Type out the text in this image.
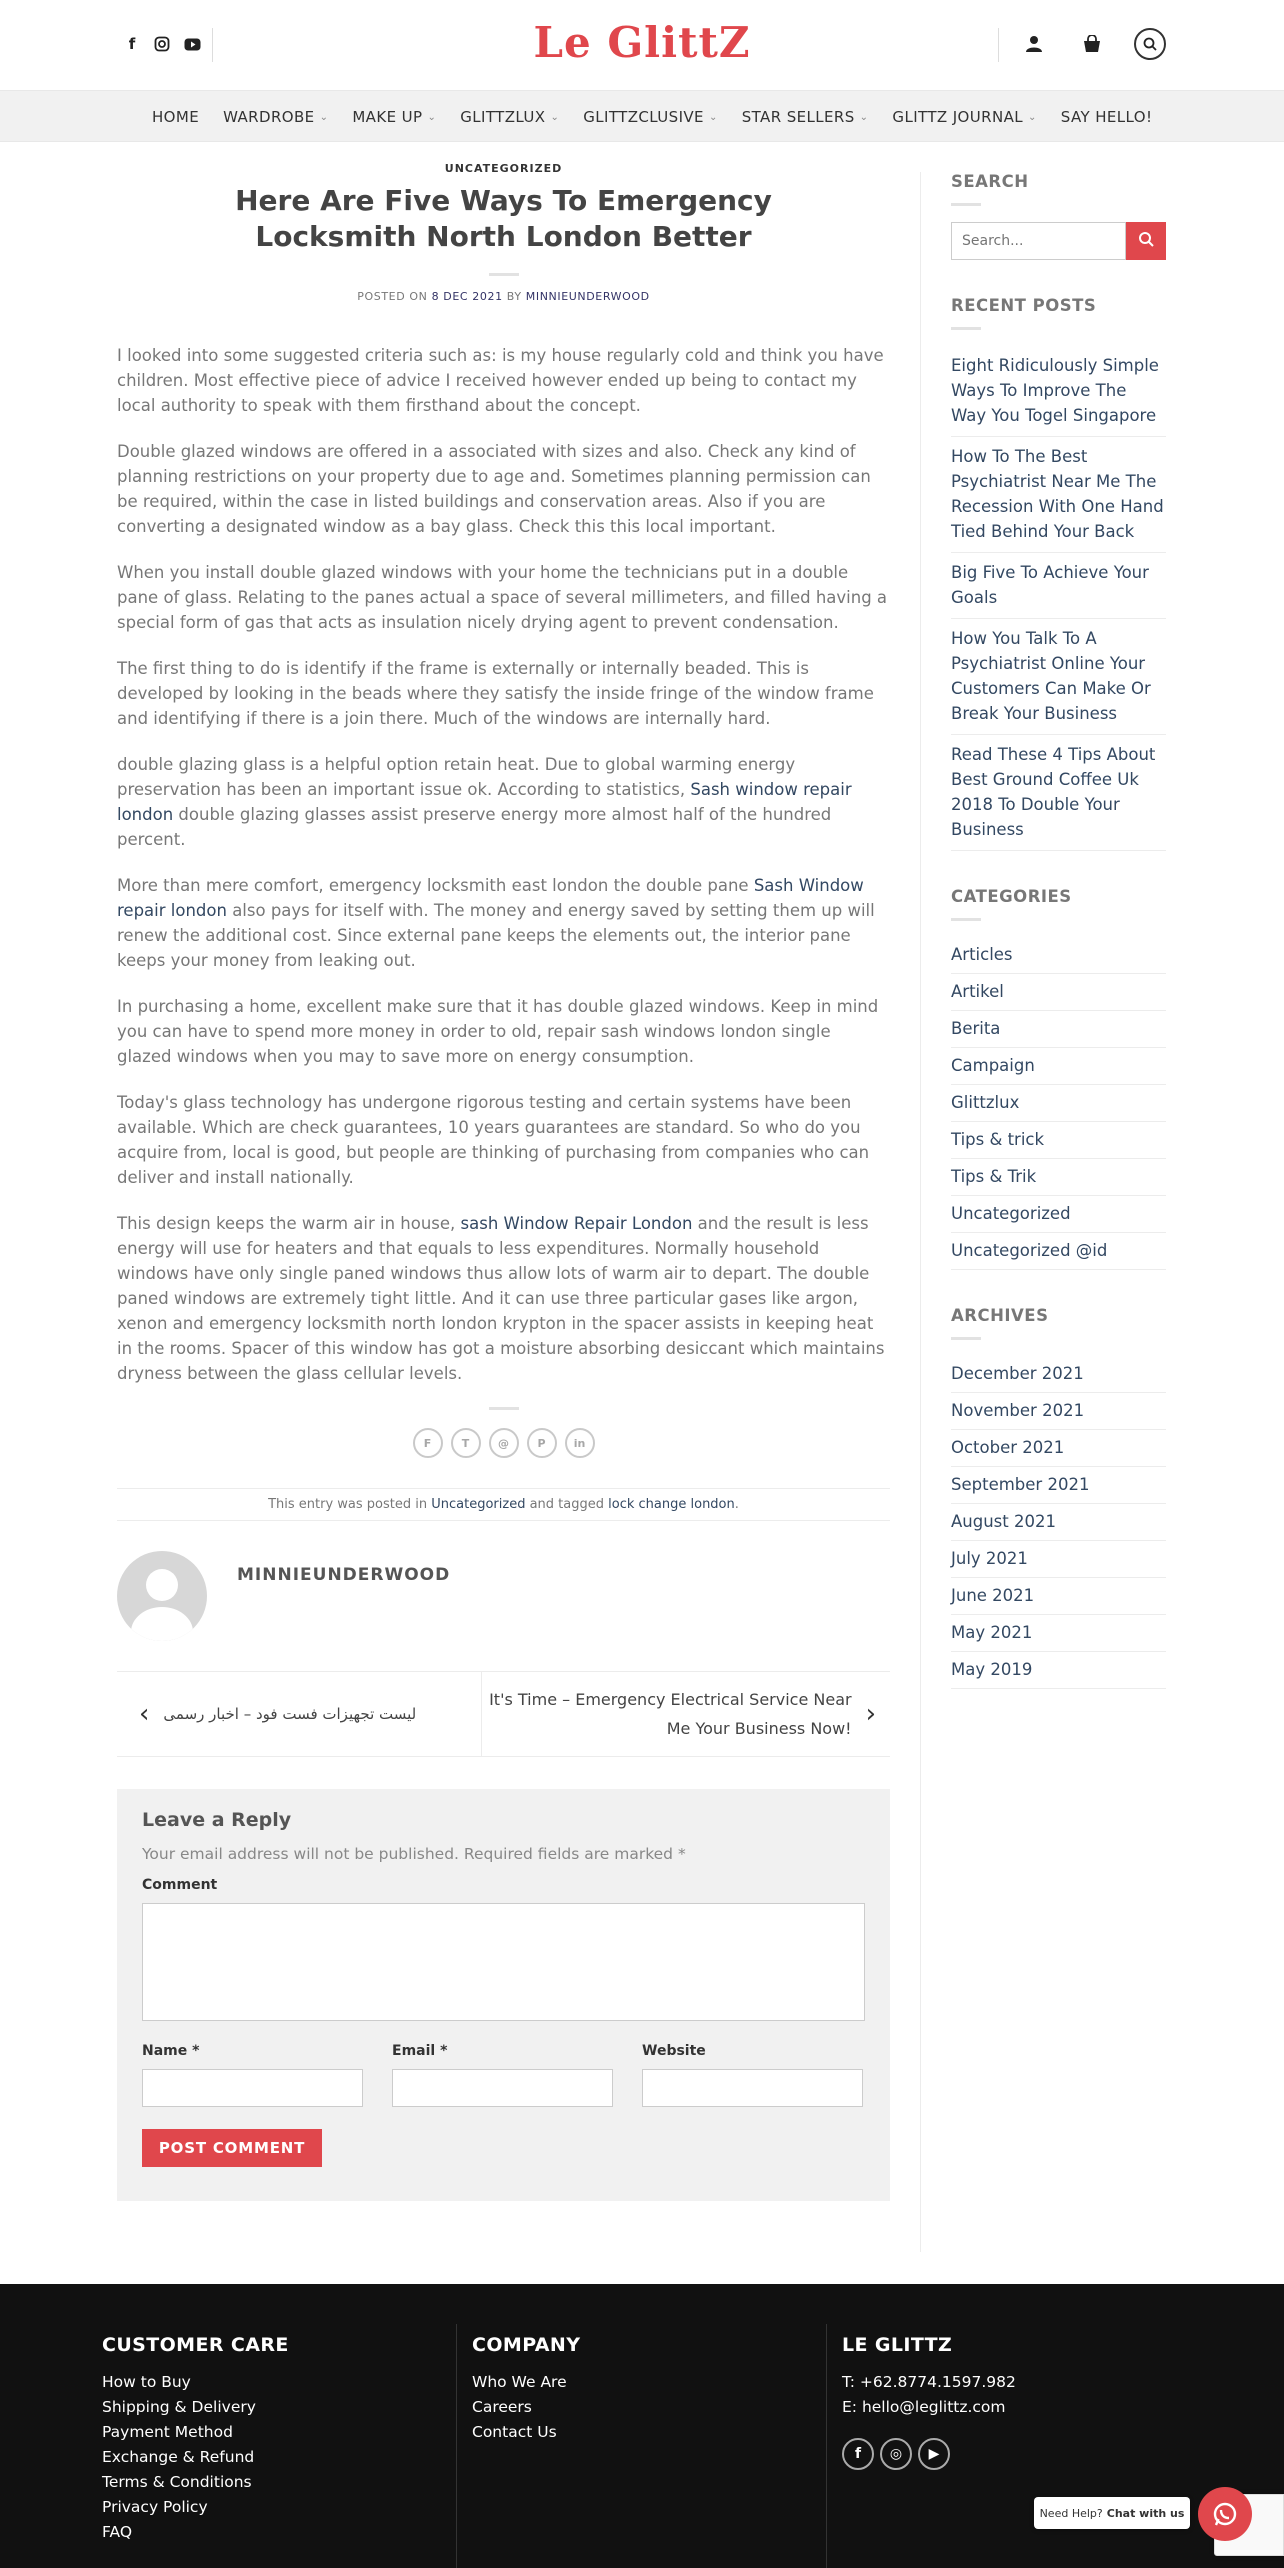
f	Le GlittZ
HOME WARDROBE ⌄ MAKE UP ⌄ GLITTZLUX ⌄ GLITTZCLUSIVE ⌄ STAR SELLERS ⌄ GLITTZ JOURNAL ⌄ SAY HELLO!
UNCATEGORIZED
Here Are Five Ways To Emergency Locksmith North London Better
POSTED ON 8 DEC 2021 BY MINNIEUNDERWOOD

I looked into some suggested criteria such as: is my house regularly cold and think you have children. Most effective piece of advice I received however ended up being to contact my local authority to speak with them firsthand about the concept.

Double glazed windows are offered in a associated with sizes and also. Check any kind of planning restrictions on your property due to age and. Sometimes planning permission can be required, within the case in listed buildings and conservation areas. Also if you are converting a designated window as a bay glass. Check this this local important.

When you install double glazed windows with your home the technicians put in a double pane of glass. Relating to the panes actual a space of several millimeters, and filled having a special form of gas that acts as insulation nicely drying agent to prevent condensation.

The first thing to do is identify if the frame is externally or internally beaded. This is developed by looking in the beads where they satisfy the inside fringe of the window frame and identifying if there is a join there. Much of the windows are internally hard.

double glazing glass is a helpful option retain heat. Due to global warming energy preservation has been an important issue ok. According to statistics, Sash window repair london double glazing glasses assist preserve energy more almost half of the hundred percent.

More than mere comfort, emergency locksmith east london the double pane Sash Window repair london also pays for itself with. The money and energy saved by setting them up will renew the additional cost. Since external pane keeps the elements out, the interior pane keeps your money from leaking out.

In purchasing a home, excellent make sure that it has double glazed windows. Keep in mind you can have to spend more money in order to old, repair sash windows london single glazed windows when you may to save more on energy consumption.

Today's glass technology has undergone rigorous testing and certain systems have been available. Which are check guarantees, 10 years guarantees are standard. So who do you acquire from, local is good, but people are thinking of purchasing from companies who can deliver and install nationally.

This design keeps the warm air in house, sash Window Repair London and the result is less energy will use for heaters and that equals to less expenditures. Normally household windows have only single paned windows thus allow lots of warm air to depart. The double paned windows are extremely tight little. And it can use three particular gases like argon, xenon and emergency locksmith north london krypton in the spacer assists in keeping heat in the rooms. Spacer of this window has got a moisture absorbing desiccant which maintains dryness between the glass cellular levels.

F	T	@	P	in
This entry was posted in Uncategorized and tagged lock change london.
MINNIEUNDERWOOD
‹ لیست تجهیزات فست فود – اخبار رسمی
It's Time – Emergency Electrical Service Near Me Your Business Now! ›
Leave a Reply
Your email address will not be published. Required fields are marked *
Comment
Name *	Email *	Website
POST COMMENT
SEARCH
Search...
RECENT POSTS
Eight Ridiculously Simple Ways To Improve The Way You Togel Singapore
How To The Best Psychiatrist Near Me The Recession With One Hand Tied Behind Your Back
Big Five To Achieve Your Goals
How You Talk To A Psychiatrist Online Your Customers Can Make Or Break Your Business
Read These 4 Tips About Best Ground Coffee Uk 2018 To Double Your Business
CATEGORIES
Articles
Artikel
Berita
Campaign
Glittzlux
Tips & trick
Tips & Trik
Uncategorized
Uncategorized @id
ARCHIVES
December 2021
November 2021
October 2021
September 2021
August 2021
July 2021
June 2021
May 2021
May 2019
CUSTOMER CARE
How to Buy
Shipping & Delivery
Payment Method
Exchange & Refund
Terms & Conditions
Privacy Policy
FAQ
COMPANY
Who We Are
Careers
Contact Us
LE GLITTZ
T: +62.8774.1597.982
E: hello@leglittz.com
f	◎	▶
Need Help? Chat with us
